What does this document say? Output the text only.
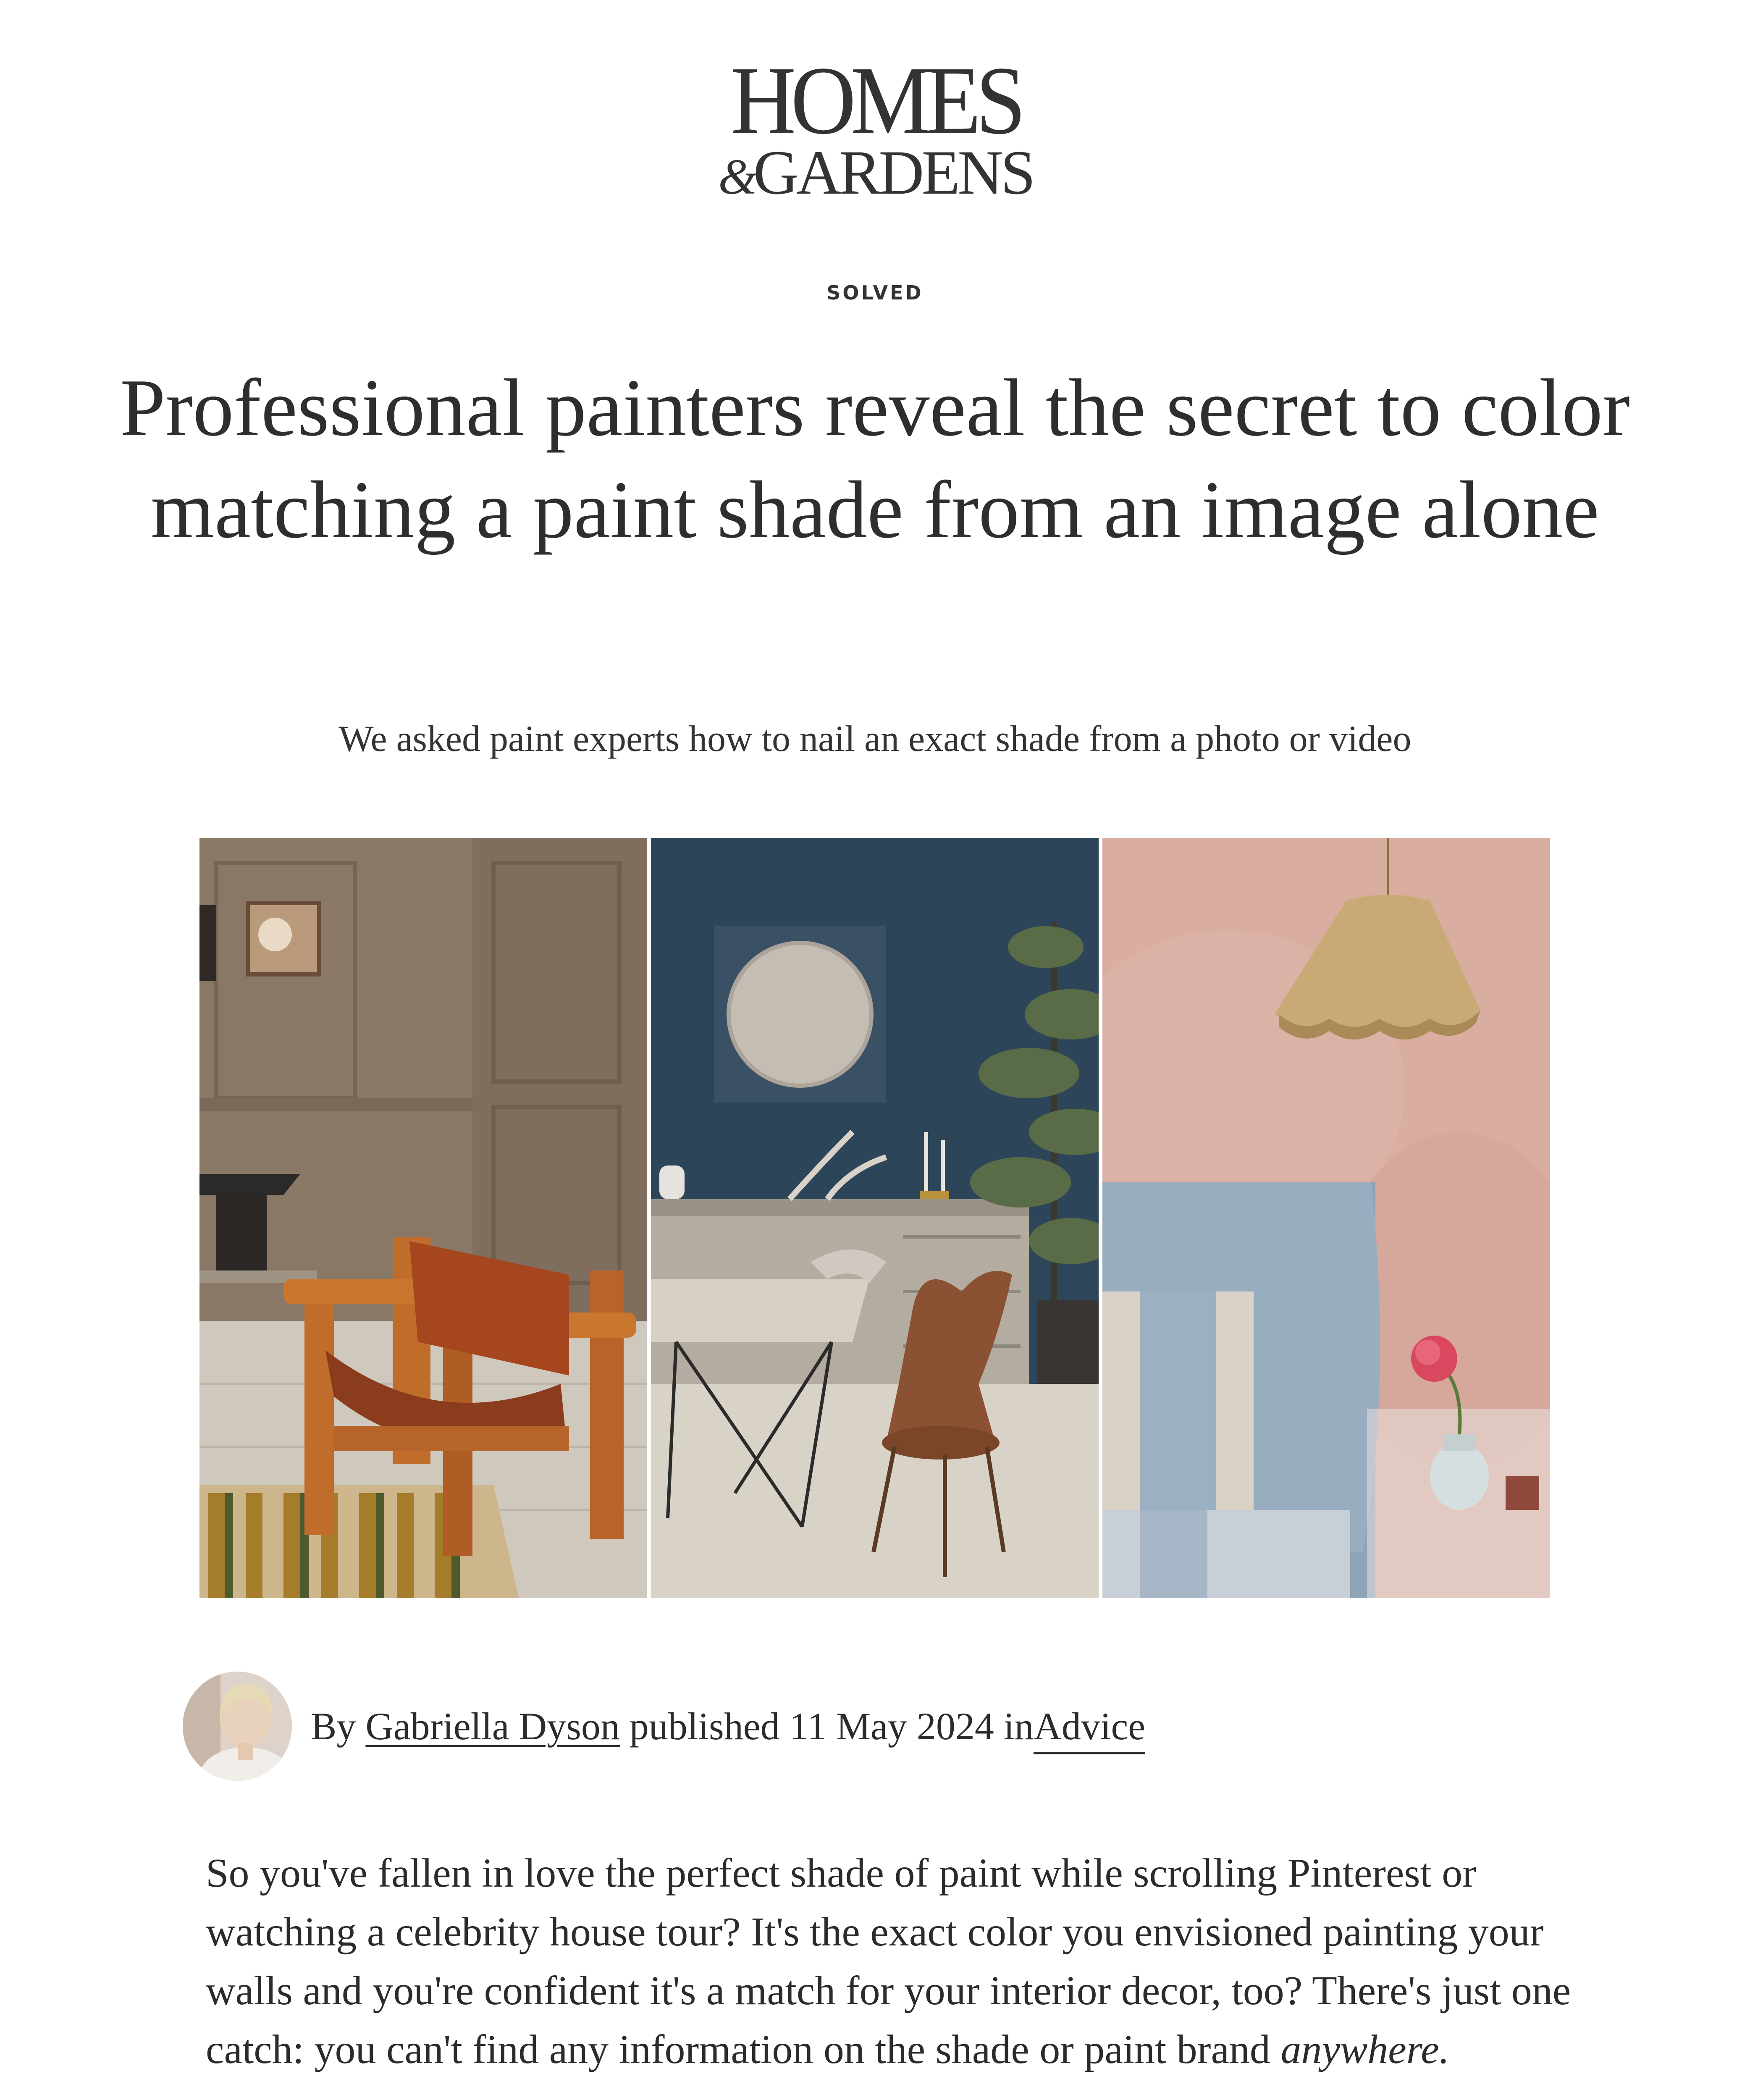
HOMES
&GARDENS
SOLVED
Professional painters reveal the secret to color matching a paint shade from an image alone
We asked paint experts how to nail an exact shade from a photo or video
By Gabriella Dyson published 11 May 2024 inAdvice

So you've fallen in love the perfect shade of paint while scrolling Pinterest or watching a celebrity house tour? It's the exact color you envisioned painting your walls and you're confident it's a match for your interior decor, too? There's just one catch: you can't find any information on the shade or paint brand anywhere.
